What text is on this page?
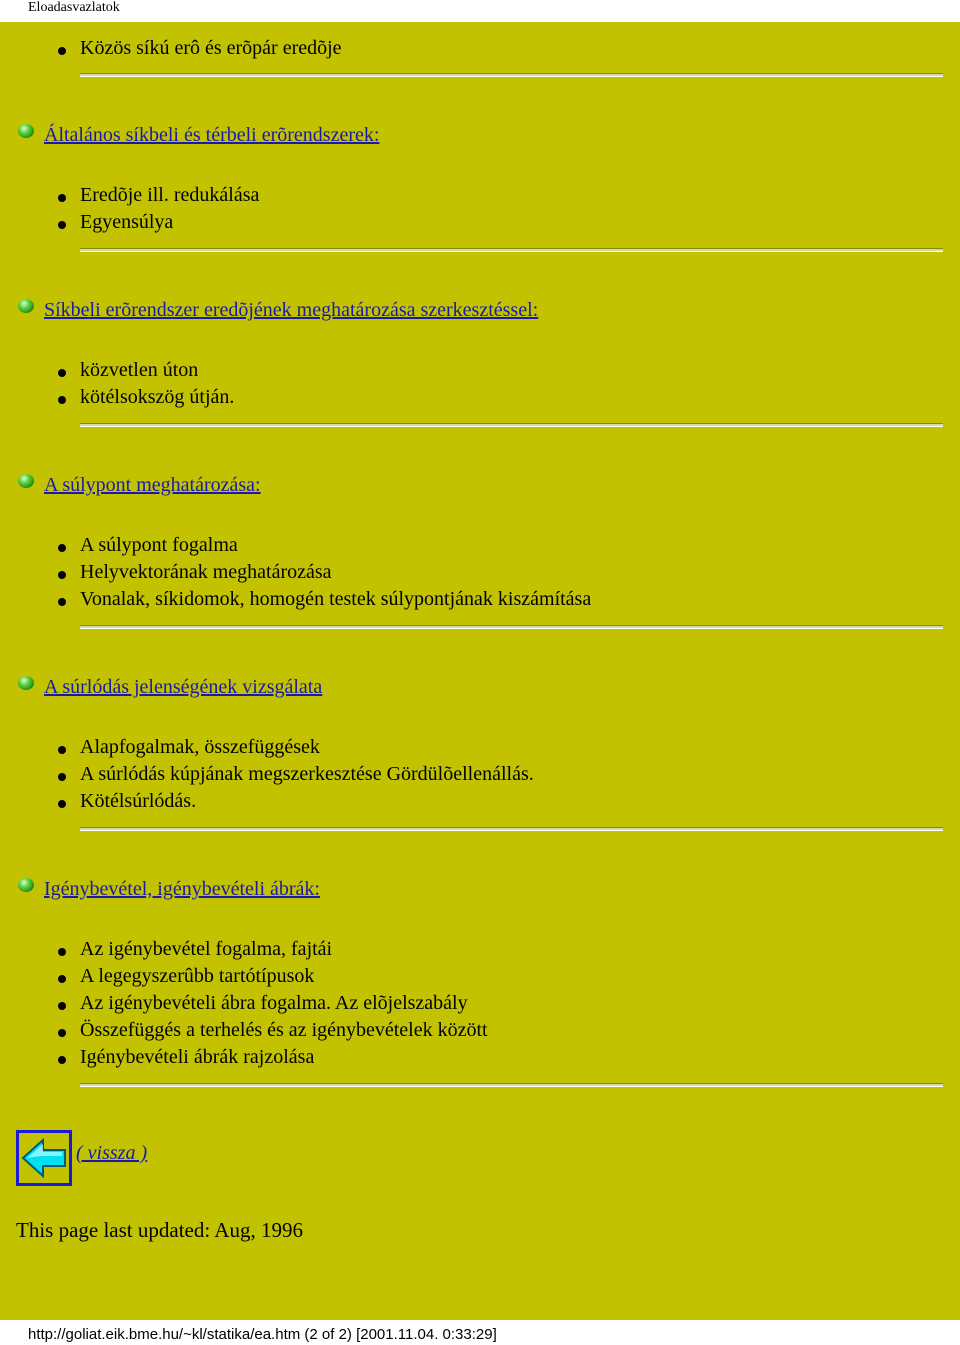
Eloadasvazlatok
Közös síkú erô és erõpár eredõje
Általános síkbeli és térbeli erõrendszerek:
Eredõje ill. redukálása
Egyensúlya
Síkbeli erõrendszer eredõjének meghatározása szerkesztéssel:
közvetlen úton
kötélsokszög útján.
A súlypont meghatározása:
A súlypont fogalma
Helyvektorának meghatározása
Vonalak, síkidomok, homogén testek súlypontjának kiszámítása
A súrlódás jelenségének vizsgálata
Alapfogalmak, összefüggések
A súrlódás kúpjának megszerkesztése Gördülõellenállás.
Kötélsúrlódás.
Igénybevétel, igénybevételi ábrák:
Az igénybevétel fogalma, fajtái
A legegyszerûbb tartótípusok
Az igénybevételi ábra fogalma. Az elõjelszabály
Összefüggés a terhelés és az igénybevételek között
Igénybevételi ábrák rajzolása
( vissza )
This page last updated: Aug, 1996
http://goliat.eik.bme.hu/~kl/statika/ea.htm (2 of 2) [2001.11.04. 0:33:29]
